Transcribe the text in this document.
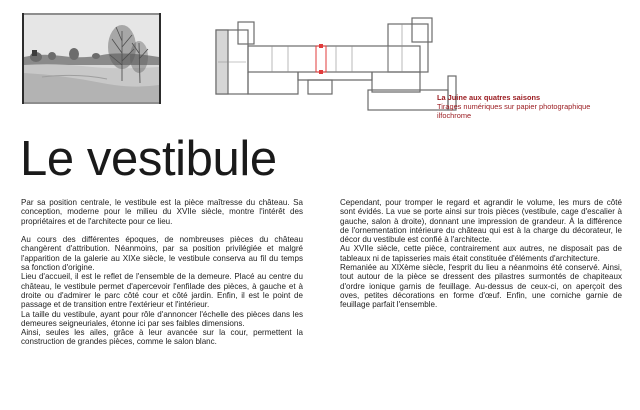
La Juine aux quatres saisons
Tirages numériques sur papier photographique
ilfochrome
Le vestibule

Par sa position centrale, le vestibule est la pièce maîtresse du château. Sa conception, moderne pour le milieu du XVIIe siècle, montre l'intérêt des propriétaires et de l'architecte pour ce lieu.

Au cours des différentes époques, de nombreuses pièces du château changèrent d'attribution. Néanmoins, par sa position privilégiée et malgré l'apparition de la galerie au XIXe siècle, le vestibule conserva au fil du temps sa fonction d'origine.

Lieu d'accueil, il est le reflet de l'ensemble de la demeure. Placé au centre du château, le vestibule permet d'apercevoir l'enfilade des pièces, à gauche et à droite ou d'admirer le parc côté cour et côté jardin. Enfin, il est le point de passage et de transition entre l'extérieur et l'intérieur.

La taille du vestibule, ayant pour rôle d'annoncer l'échelle des pièces dans les demeures seigneuriales, étonne ici par ses faibles dimensions.

Ainsi, seules les ailes, grâce à leur avancée sur la cour, permettent la construction de grandes pièces, comme le salon blanc.

Cependant, pour tromper le regard et agrandir le volume, les murs de côté sont évidés. La vue se porte ainsi sur trois pièces (vestibule, cage d'escalier à gauche, salon à droite), donnant une impression de grandeur. À la différence de l'ornementation intérieure du château qui est à la charge du décorateur, le décor du vestibule est confié à l'architecte.

Au XVIIe siècle, cette pièce, contrairement aux autres, ne disposait pas de tableaux ni de tapisseries mais était constituée d'éléments d'architecture.

Remaniée au XIXème siècle, l'esprit du lieu a néanmoins été conservé. Ainsi, tout autour de la pièce se dressent des pilastres surmontés de chapiteaux d'ordre ionique garnis de feuillage. Au-dessus de ceux-ci, on aperçoit des oves, petites décorations en forme d'œuf. Enfin, une corniche garnie de feuillage parfait l'ensemble.
